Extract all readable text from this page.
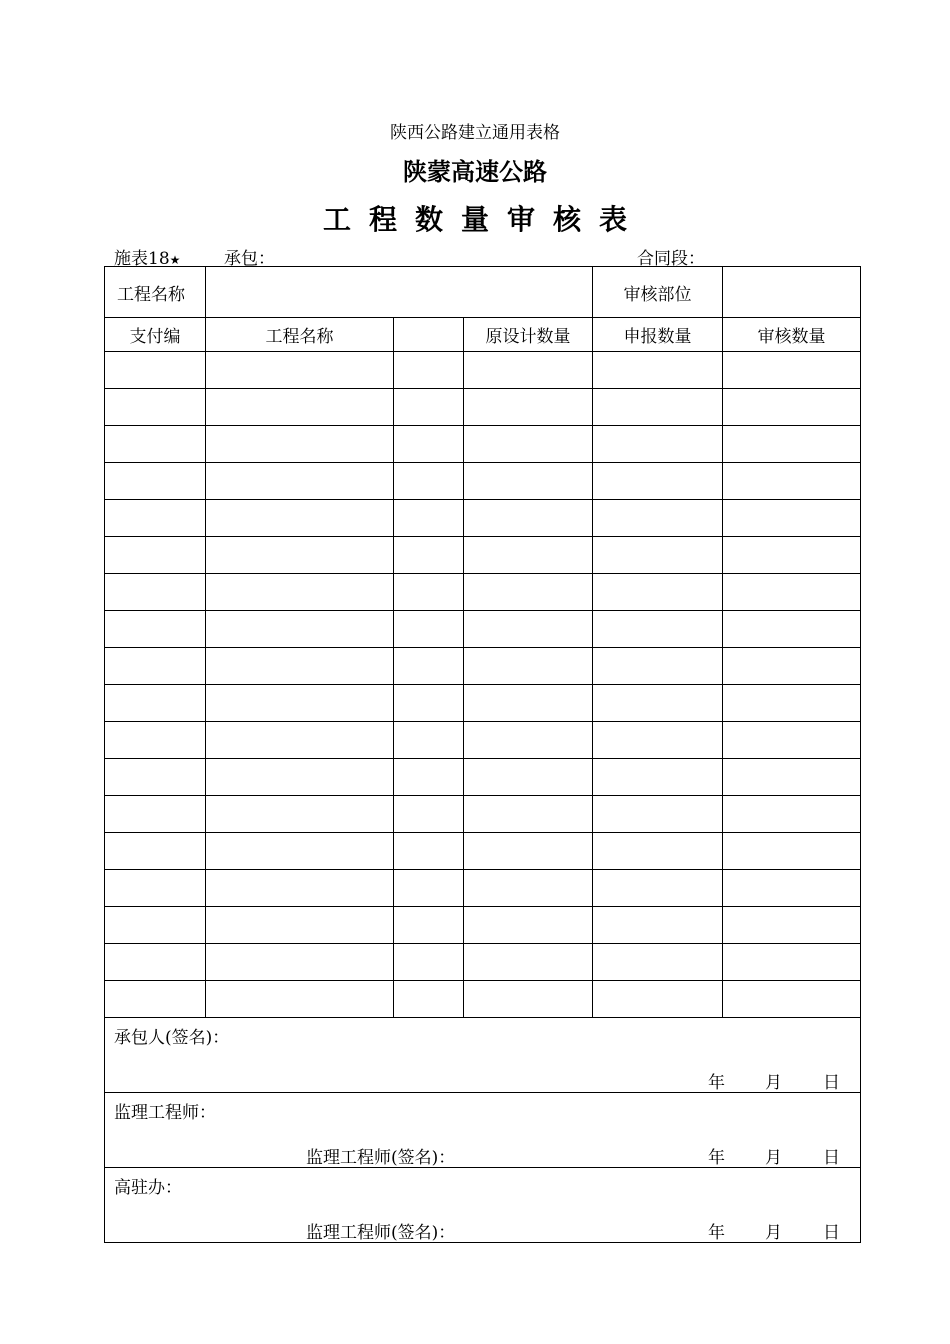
陕西公路建立通用表格
陕蒙高速公路
工程数量审核表
施表18★	承包：	合同段：
工程名称				审核部位	
支付编	工程名称		原设计数量	申报数量	审核数量

承包人(签名)：
年 月 日					

监理工程师：
监理工程师(签名)： 年 月 日					

高驻办：
监理工程师(签名)： 年 月 日					
